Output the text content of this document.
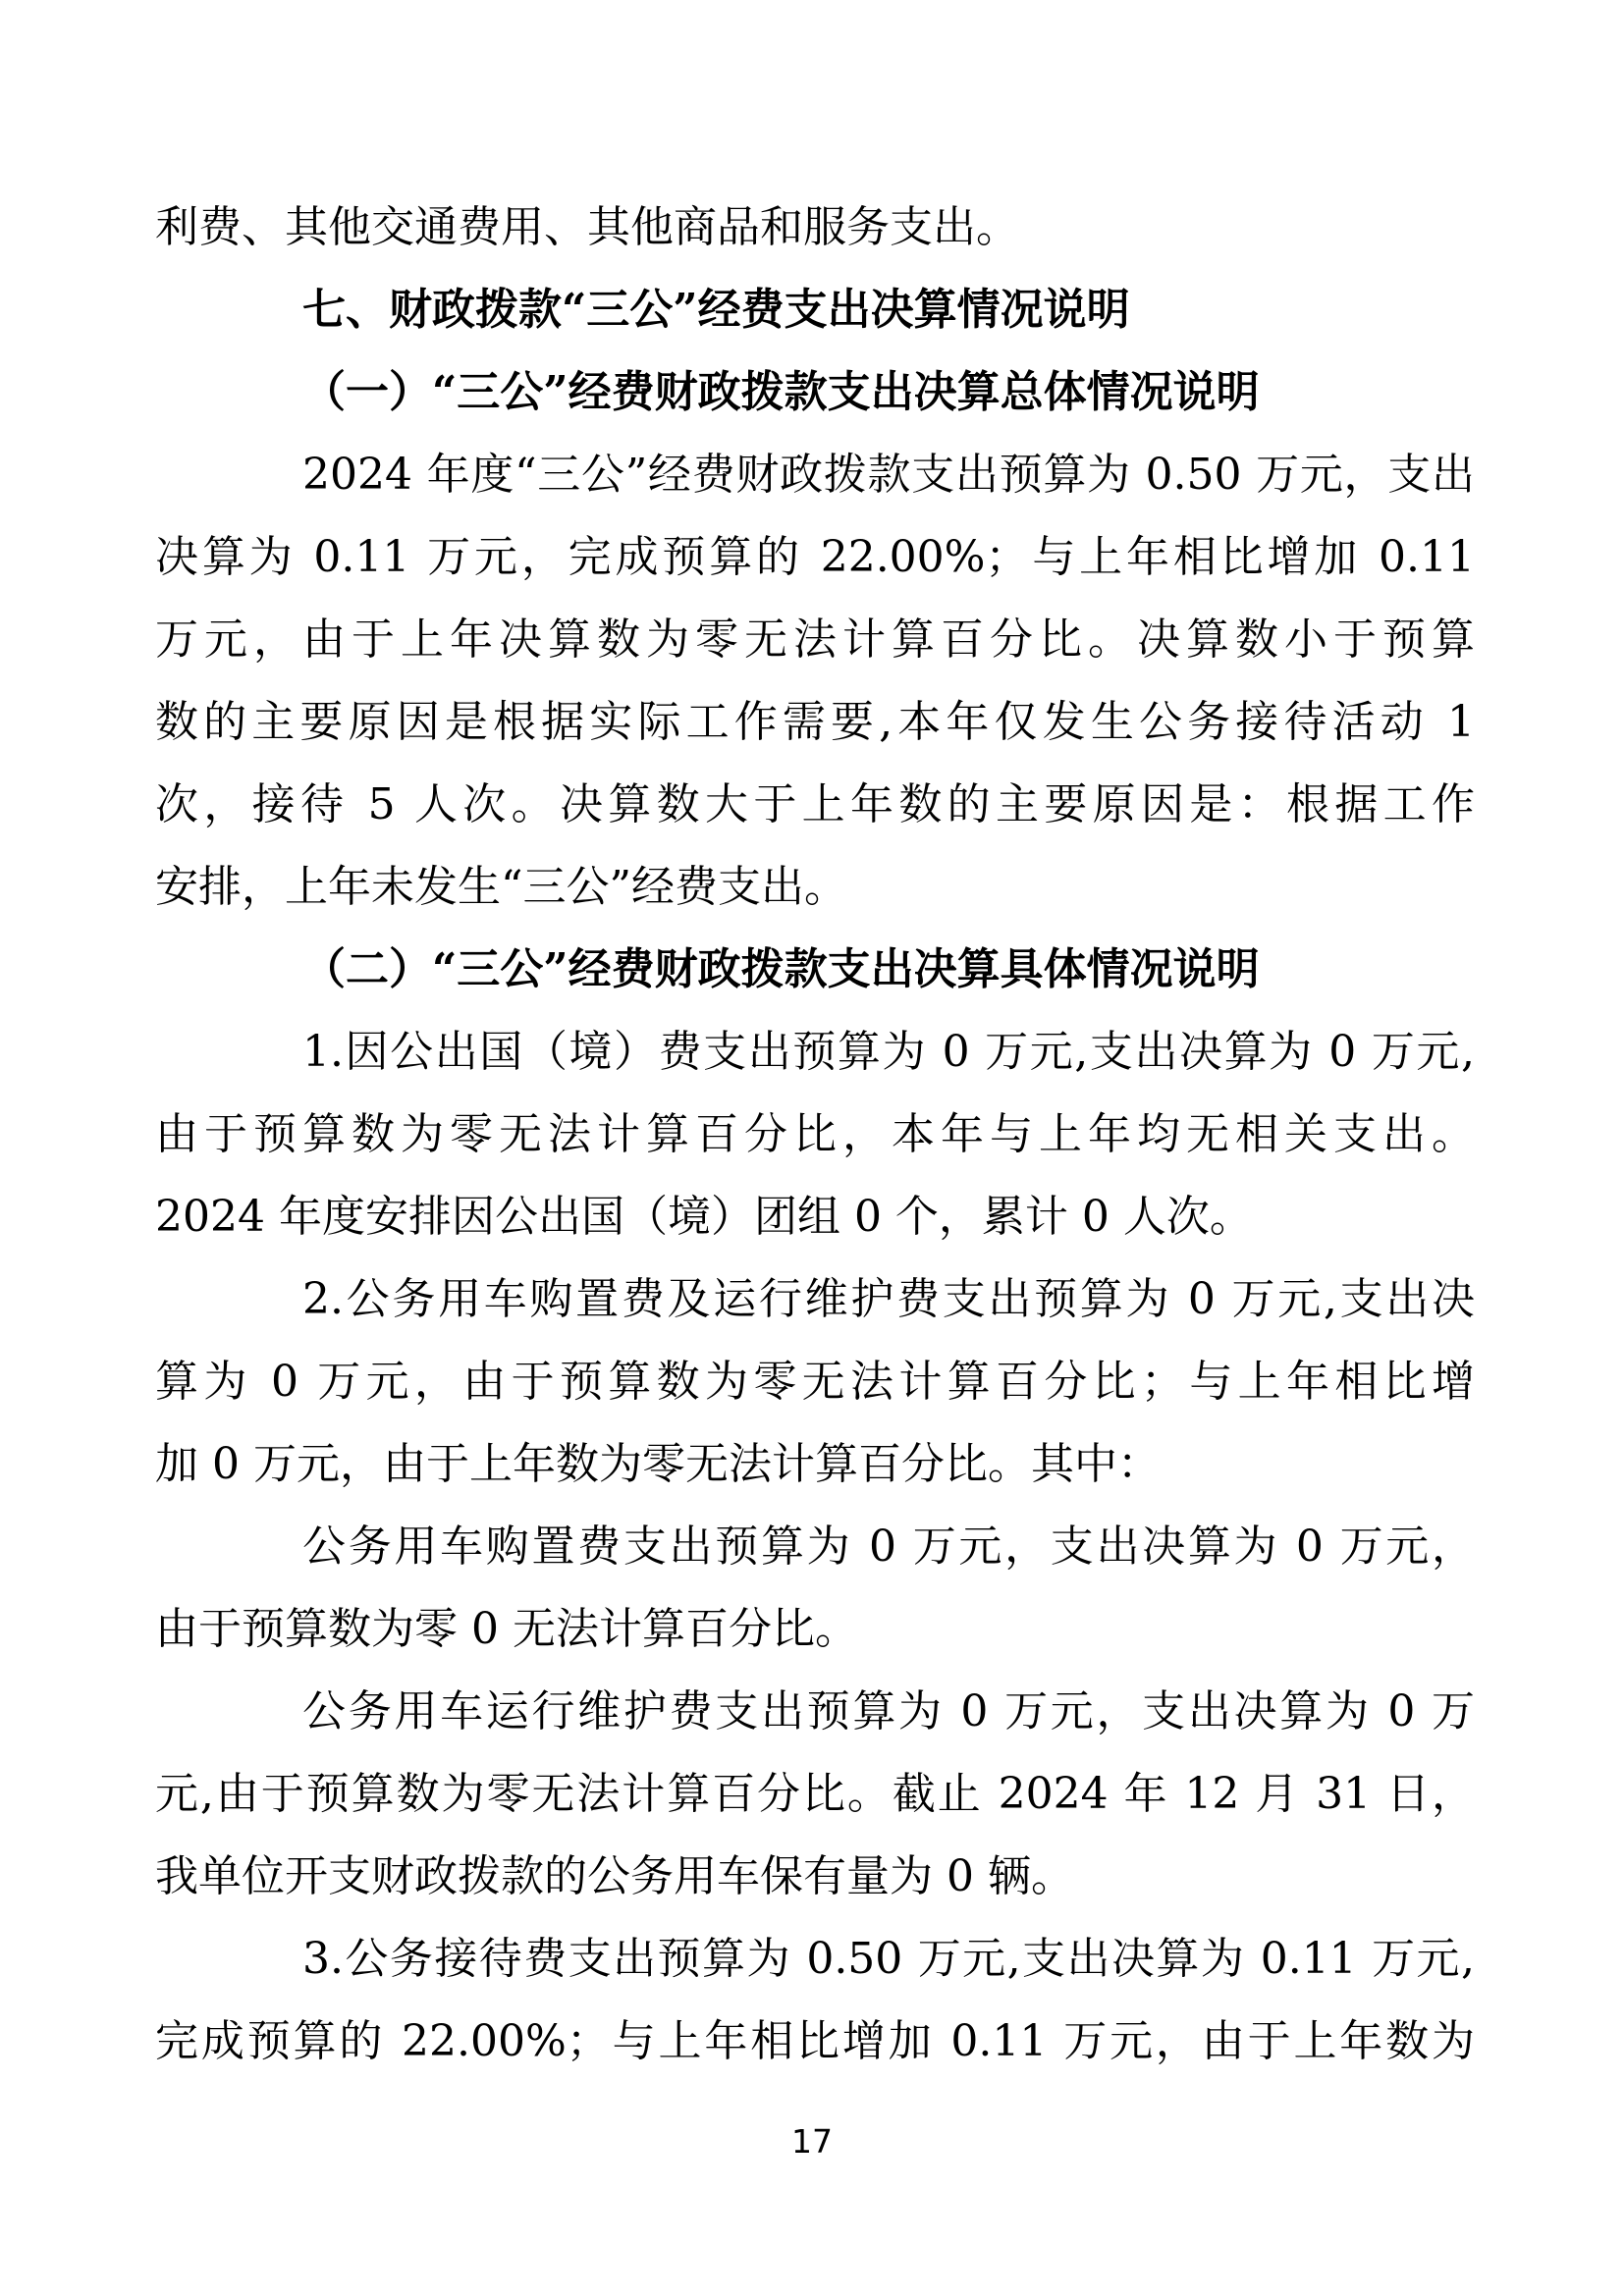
利费、其他交通费用、其他商品和服务支出。
七、财政拨款“三公”经费支出决算情况说明
（一）“三公”经费财政拨款支出决算总体情况说明
2024 年度“三公”经费财政拨款支出预算为 0.50 万元，支出
决算为 0.11 万元，完成预算的 22.00%；与上年相比增加 0.11
万元，由于上年决算数为零无法计算百分比。决算数小于预算
数的主要原因是根据实际工作需要,本年仅发生公务接待活动 1
次，接待 5 人次。决算数大于上年数的主要原因是：根据工作
安排，上年未发生“三公”经费支出。
（二）“三公”经费财政拨款支出决算具体情况说明
1.因公出国（境）费支出预算为 0 万元,支出决算为 0 万元,
由于预算数为零无法计算百分比，本年与上年均无相关支出。
2024 年度安排因公出国（境）团组 0 个，累计 0 人次。
2.公务用车购置费及运行维护费支出预算为 0 万元,支出决
算为 0 万元，由于预算数为零无法计算百分比；与上年相比增
加 0 万元，由于上年数为零无法计算百分比。其中：
公务用车购置费支出预算为 0 万元，支出决算为 0 万元，
由于预算数为零 0 无法计算百分比。
公务用车运行维护费支出预算为 0 万元，支出决算为 0 万
元,由于预算数为零无法计算百分比。截止 2024 年 12 月 31 日，
我单位开支财政拨款的公务用车保有量为 0 辆。
3.公务接待费支出预算为 0.50 万元,支出决算为 0.11 万元,
完成预算的 22.00%；与上年相比增加 0.11 万元，由于上年数为
17
